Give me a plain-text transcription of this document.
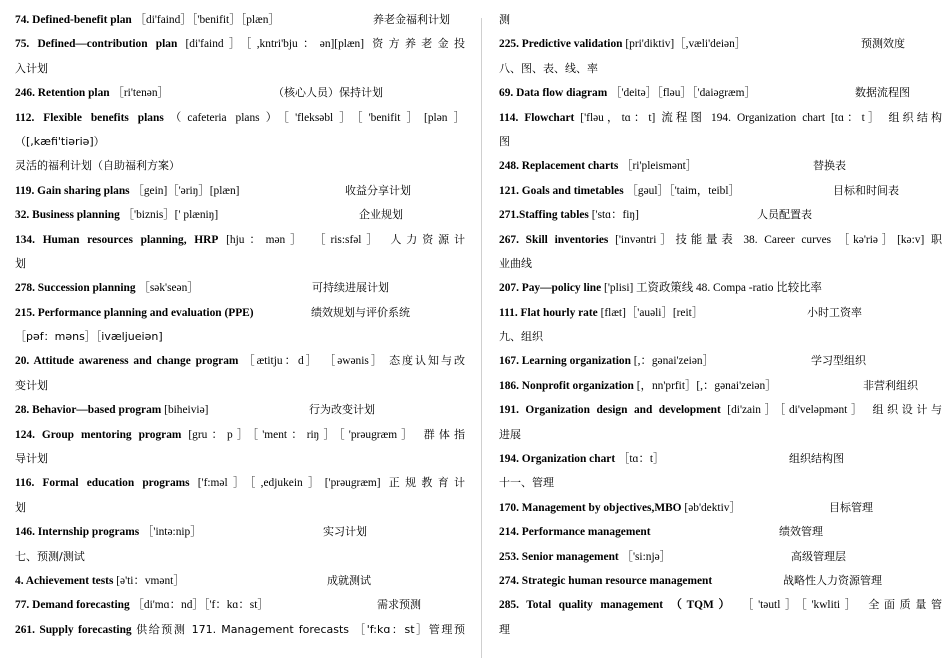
74. Defined-benefit plan ［di'faind］［'benifit］［plæn］	养老金福利计划
75. Defined—contribution plan [di'faind］［,kntri'bju：ən][plæn] 资方养老金投
入计划
246. Retention plan ［ri'tenən］	（核心人员）保持计划
112. Flexible benefits plans（cafeteria plans）［'fleksəbl］［'benifit］[plən］
（[,kæfi'tiəriə]）
灵活的福利计划（自助福利方案）
119. Gain sharing plans ［gein]［'əriŋ］[plæn]	收益分享计划
32. Business planning ［'biznis］[' plæniŋ]	企业规划
134. Human resources planning, HRP [hju：mən］ ［ris:sfəl］ 人力资源计
划
278. Succession planning ［sək'seən］	可持续进展计划
215. Performance planning and evaluation (PPE)	绩效规划与评价系统
［pəf：məns］［ivæljueiən]
20. Attitude awareness and change program ［ætitju：d］ ［əwənis］ 态度认知与改
变计划
28. Behavior—based program [biheiviə]	行为改变计划
124. Group mentoring program [gru：p］［'ment：riŋ］［'prəugræm］ 群体指
导计划
116. Formal education programs ['f:məl］［,edjukein］['prəugræm] 正规教育计
划
146. Internship programs ［'intə:nip］	实习计划
七、预测/测试
4. Achievement tests [ə'ti：vmənt］	成就测试
77. Demand forecasting ［di'mɑ：nd］［'f：kɑ：st］	需求预测
261. Supply forecasting 供给预测 171. Management forecasts ［'f:kɑ：st］管理预
测
225. Predictive validation [pri'diktiv]［,væli'deiən］	预测效度
八、图、表、线、率
69. Data flow diagram ［'deitə］［fləu］［'daiəgræm］	数据流程图
114. Flowchart ['fləu，tɑ：t] 流程图 194. Organization chart [tɑ：t］ 组织结构
图
248. Replacement charts ［ri'pleismənt］	替换表
121. Goals and timetables ［gəul］［'taim，teibl］	目标和时间表
271.Staffing tables ['stɑ：fiŋ]	人员配置表
267. Skill inventories ['invəntri］技能量表 38. Career curves ［kə'riə］[kə:v] 职
业曲线
207. Pay—policy line ['plisi] 工资政策线 48. Compa -ratio 比较比率
111. Flat hourly rate [flæt]［'auəli］[reit］	小时工资率
九、组织
167. Learning organization [,：gənai'zeiən］	学习型组织
186. Nonprofit organization [，nn'prfit］[,：gənai'zeiən］	非营利组织
191. Organization design and development [di'zain］［di'veləpmənt］ 组织设计与
进展
194. Organization chart ［tɑ：t］	组织结构图
十一、管理
170. Management by objectives,MBO [əb'dektiv］	目标管理
214. Performance management	绩效管理
253. Senior management ［'si:njə］	高级管理层
274. Strategic human resource management	战略性人力资源管理
285. Total quality management （TQM） ［'təutl］［'kwliti］ 全面质量管
理
